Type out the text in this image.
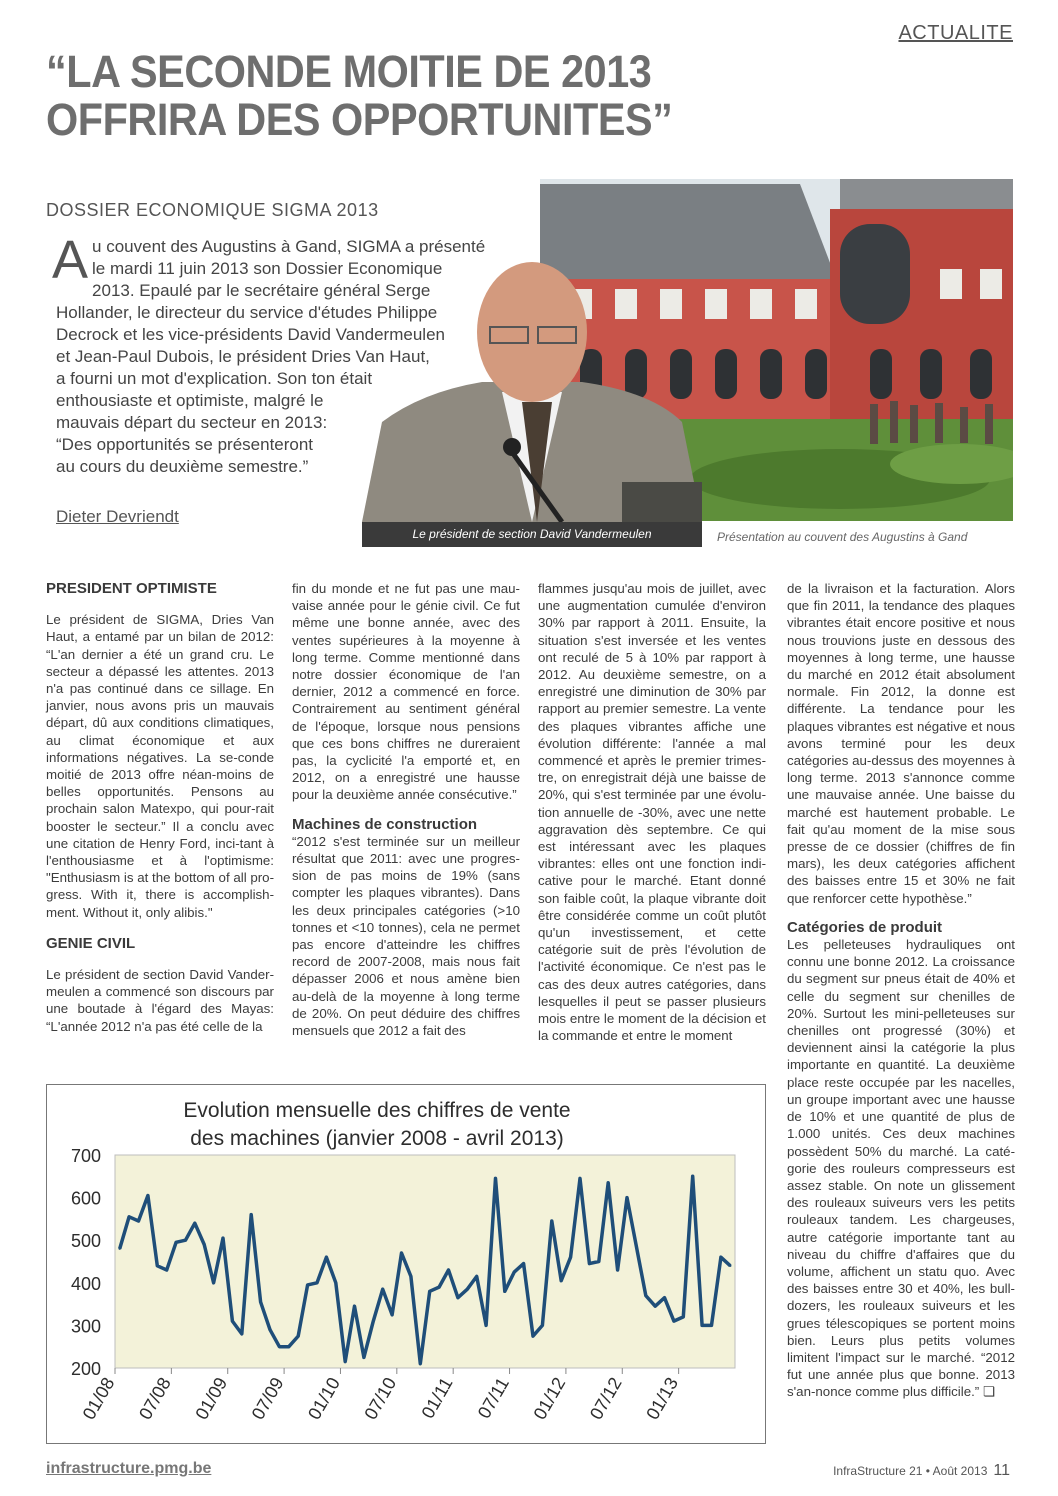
ACTUALITE
“LA SECONDE MOITIE DE 2013
OFFRIRA DES OPPORTUNITES”
DOSSIER ECONOMIQUE SIGMA 2013
A u couvent des Augustins à Gand, SIGMA a présenté
le mardi 11 juin 2013 son Dossier Economique
2013. Epaulé par le secrétaire général Serge
Hollander, le directeur du service d'études Philippe
Decrock et les vice-présidents David Vandermeulen
et Jean-Paul Dubois, le président Dries Van Haut,
a fourni un mot d'explication. Son ton était
enthousiaste et optimiste, malgré le
mauvais départ du secteur en 2013:
“Des opportunités se présenteront
au cours du deuxième semestre.”
Dieter Devriendt
Le président de section David Vandermeulen	Présentation au couvent des Augustins à Gand
PRESIDENT OPTIMISTE

Le président de SIGMA, Dries Van Haut, a entamé par un bilan de 2012: “L'an dernier a été un grand cru. Le secteur a dépassé les attentes. 2013 n'a pas continué dans ce sillage. En janvier, nous avons pris un mauvais départ, dû aux conditions climatiques, au climat économique et aux informations négatives. La se-conde moitié de 2013 offre néan-moins de belles opportunités. Pensons au prochain salon Matexpo, qui pour-rait booster le secteur.” Il a conclu avec une citation de Henry Ford, inci-tant à l'enthousiasme et à l'optimisme: "Enthusiasm is at the bottom of all pro-gress. With it, there is accomplish-ment. Without it, only alibis."

GENIE CIVIL

Le président de section David Vander-meulen a commencé son discours par une boutade à l'égard des Mayas: “L'année 2012 n'a pas été celle de la

fin du monde et ne fut pas une mau-vaise année pour le génie civil. Ce fut même une bonne année, avec des ventes supérieures à la moyenne à long terme. Comme mentionné dans notre dossier économique de l'an dernier, 2012 a commencé en force. Contrairement au sentiment général de l'époque, lorsque nous pensions que ces bons chiffres ne dureraient pas, la cyclicité l'a emporté et, en 2012, on a enregistré une hausse pour la deuxième année consécutive.”

Machines de construction

“2012 s'est terminée sur un meilleur résultat que 2011: avec une progres-sion de pas moins de 19% (sans compter les plaques vibrantes). Dans les deux principales catégories (>10 tonnes et <10 tonnes), cela ne permet pas encore d'atteindre les chiffres record de 2007-2008, mais nous fait dépasser 2006 et nous amène bien au-delà de la moyenne à long terme de 20%. On peut déduire des chiffres mensuels que 2012 a fait des

flammes jusqu'au mois de juillet, avec une augmentation cumulée d'environ 30% par rapport à 2011. Ensuite, la situation s'est inversée et les ventes ont reculé de 5 à 10% par rapport à 2012. Au deuxième semestre, on a enregistré une diminution de 30% par rapport au premier semestre. La vente des plaques vibrantes affiche une évolution différente: l'année a mal commencé et après le premier trimes-tre, on enregistrait déjà une baisse de 20%, qui s'est terminée par une évolu-tion annuelle de -30%, avec une nette aggravation dès septembre. Ce qui est intéressant avec les plaques vibrantes: elles ont une fonction indi-cative pour le marché. Etant donné son faible coût, la plaque vibrante doit être considérée comme un coût plutôt qu'un investissement, et cette catégorie suit de près l'évolution de l'activité économique. Ce n'est pas le cas des deux autres catégories, dans lesquelles il peut se passer plusieurs mois entre le moment de la décision et la commande et entre le moment

de la livraison et la facturation. Alors que fin 2011, la tendance des plaques vibrantes était encore positive et nous nous trouvions juste en dessous des moyennes à long terme, une hausse du marché en 2012 était absolument normale. Fin 2012, la donne est différente. La tendance pour les plaques vibrantes est négative et nous avons terminé pour les deux catégories au-dessus des moyennes à long terme. 2013 s'annonce comme une mauvaise année. Une baisse du marché est hautement probable. Le fait qu'au moment de la mise sous presse de ce dossier (chiffres de fin mars), les deux catégories affichent des baisses entre 15 et 30% ne fait que renforcer cette hypothèse.”

Catégories de produit

Les pelleteuses hydrauliques ont connu une bonne 2012. La croissance du segment sur pneus était de 40% et celle du segment sur chenilles de 20%. Surtout les mini-pelleteuses sur chenilles ont progressé (30%) et deviennent ainsi la catégorie la plus importante en quantité. La deuxième place reste occupée par les nacelles, un groupe important avec une hausse de 10% et une quantité de plus de 1.000 unités. Ces deux machines possèdent 50% du marché. La caté-gorie des rouleurs compresseurs est assez stable. On note un glissement des rouleaux suiveurs vers les petits rouleaux tandem. Les chargeuses, autre catégorie importante tant au niveau du chiffre d'affaires que du volume, affichent un statu quo. Avec des baisses entre 30 et 40%, les bull-dozers, les rouleaux suiveurs et les grues télescopiques se portent moins bien. Leurs plus petits volumes limitent l'impact sur le marché. “2012 fut une année plus que bonne. 2013 s'an-nonce comme plus difficile.” ❏

Evolution mensuelle des chiffres de vente
des machines (janvier 2008 - avril 2013)
200
300
400
500
600
700
01/08 07/08 01/09 07/09 01/10 07/10 01/11 07/11 01/12 07/12 01/13
infrastructure.pmg.be	InfraStructure 21 • Août 2013 11
